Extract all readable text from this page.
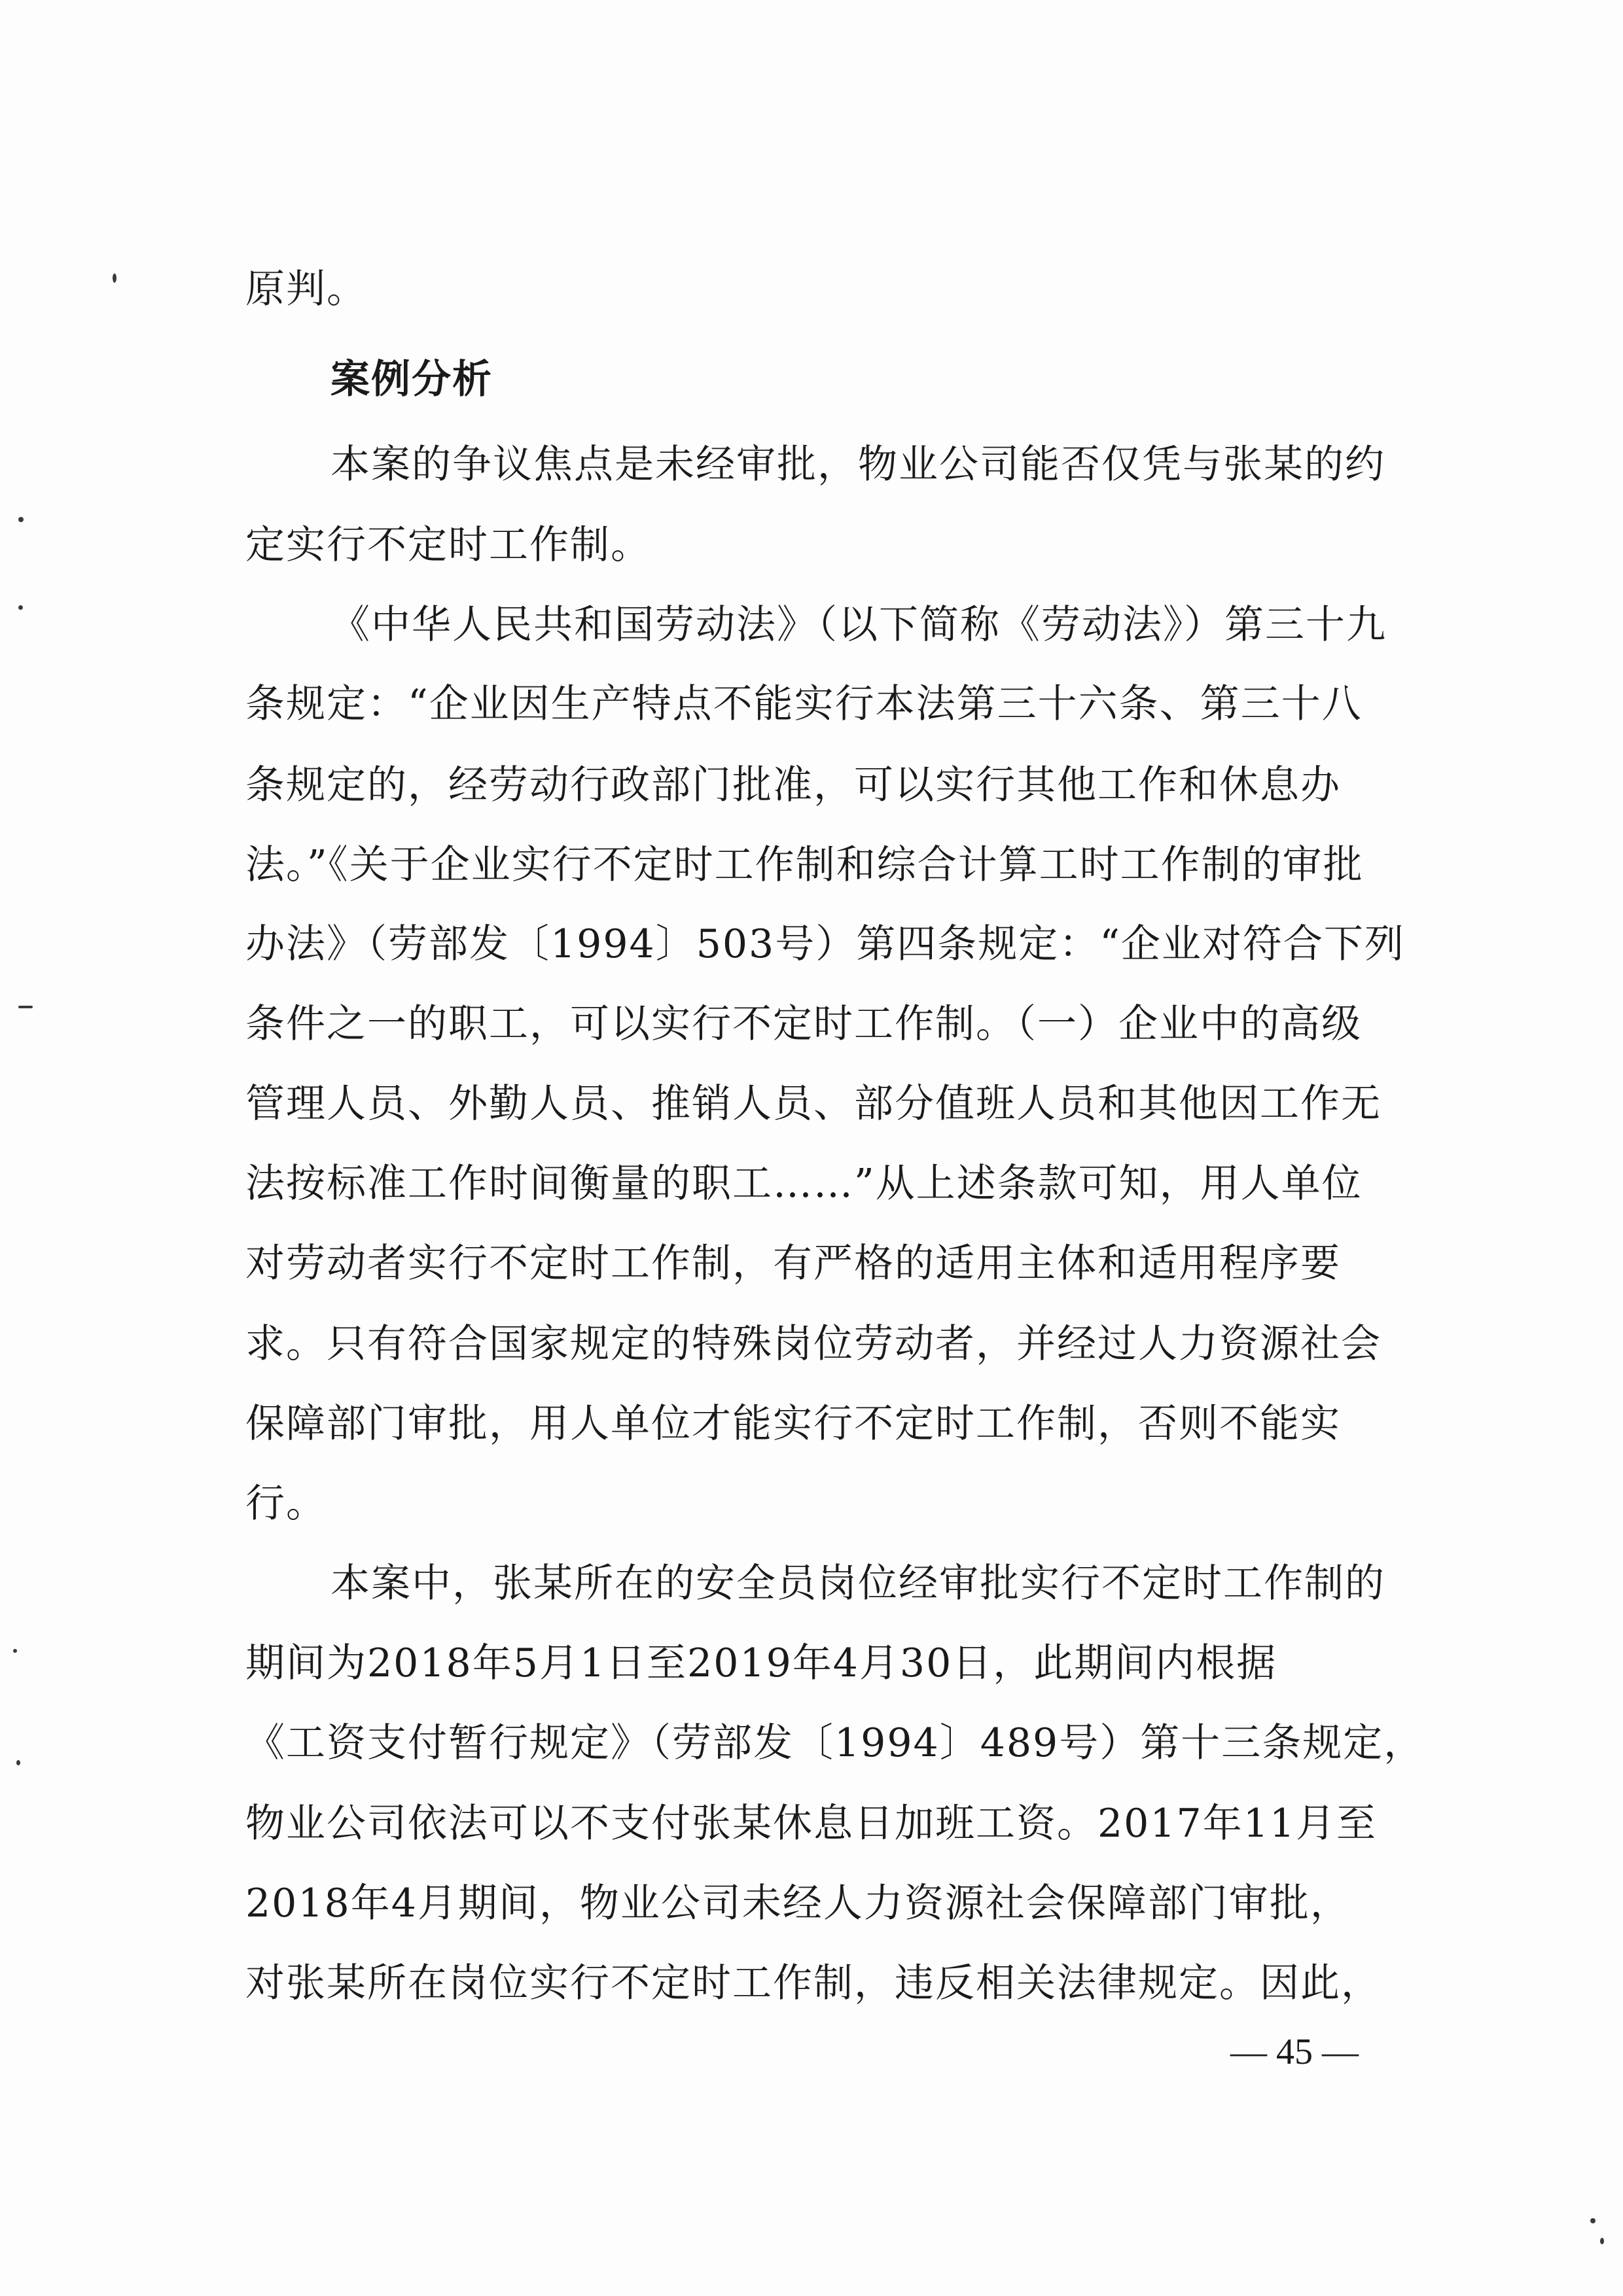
原判。
案例分析
本案的争议焦点是未经审批，物业公司能否仅凭与张某的约
定实行不定时工作制。
《中华人民共和国劳动法》（以下简称《劳动法》）第三十九
条规定：“企业因生产特点不能实行本法第三十六条、第三十八
条规定的，经劳动行政部门批准，可以实行其他工作和休息办
法。”《关于企业实行不定时工作制和综合计算工时工作制的审批
办法》（劳部发〔1994〕503号）第四条规定：“企业对符合下列
条件之一的职工，可以实行不定时工作制。（一）企业中的高级
管理人员、外勤人员、推销人员、部分值班人员和其他因工作无
法按标准工作时间衡量的职工……”从上述条款可知，用人单位
对劳动者实行不定时工作制，有严格的适用主体和适用程序要
求。只有符合国家规定的特殊岗位劳动者，并经过人力资源社会
保障部门审批，用人单位才能实行不定时工作制，否则不能实
行。
本案中，张某所在的安全员岗位经审批实行不定时工作制的
期间为2018年5月1日至2019年4月30日，此期间内根据
《工资支付暂行规定》（劳部发〔1994〕489号）第十三条规定，
物业公司依法可以不支付张某休息日加班工资。2017年11月至
2018年4月期间，物业公司未经人力资源社会保障部门审批，
对张某所在岗位实行不定时工作制，违反相关法律规定。因此，
— 45 —
